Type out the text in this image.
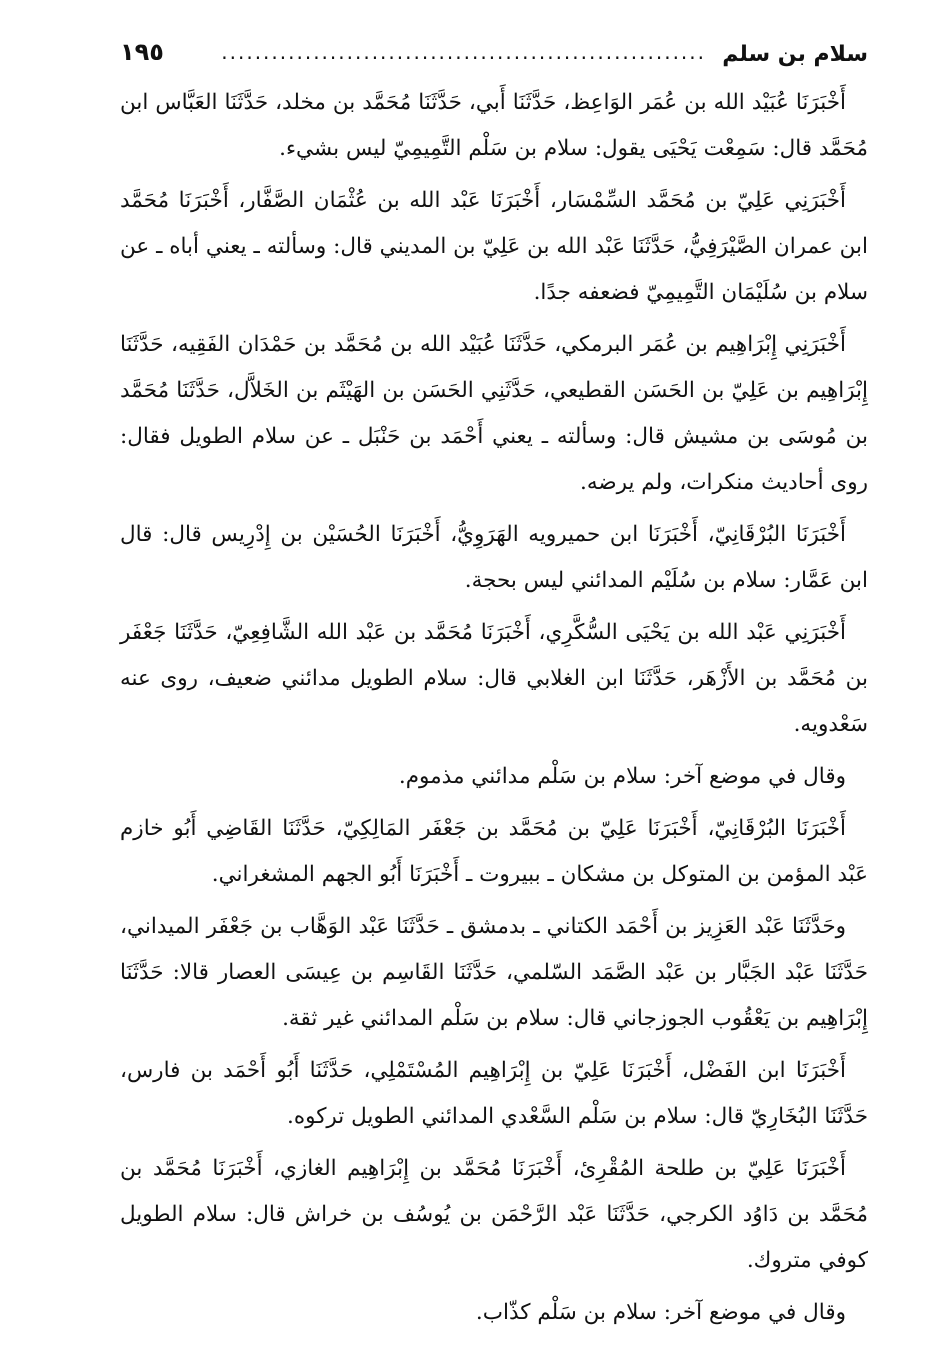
سلام بن سلم
..........................................................
١٩٥

أَخْبَرَنَا عُبَيْد الله بن عُمَر الوَاعِظ، حَدَّثَنَا أَبي، حَدَّثَنَا مُحَمَّد بن مخلد، حَدَّثَنَا العَبَّاس ابن مُحَمَّد قال: سَمِعْت يَحْيَى يقول: سلام بن سَلْم التَّمِيمِيّ ليس بشيء.

أَخْبَرَنِي عَلِيّ بن مُحَمَّد السِّمْسَار، أَخْبَرَنَا عَبْد الله بن عُثْمَان الصَّفَّار، أَخْبَرَنَا مُحَمَّد ابن عمران الصَّيْرَفِيُّ، حَدَّثَنَا عَبْد الله بن عَلِيّ بن المديني قال: وسألته ـ يعني أباه ـ عن سلام بن سُلَيْمَان التَّمِيمِيّ فضعفه جدًا.

أَخْبَرَنِي إِبْرَاهِيم بن عُمَر البرمكي، حَدَّثَنَا عُبَيْد الله بن مُحَمَّد بن حَمْدَان الفَقِيه، حَدَّثَنَا إِبْرَاهِيم بن عَلِيّ بن الحَسَن القطيعي، حَدَّثَنِي الحَسَن بن الهَيْثَم بن الخَلاَّل، حَدَّثَنَا مُحَمَّد بن مُوسَى بن مشيش قال: وسألته ـ يعني أَحْمَد بن حَنْبَل ـ عن سلام الطويل فقال: روى أحاديث منكرات، ولم يرضه.

أَخْبَرَنَا البُرْقَانِيّ، أَخْبَرَنَا ابن حميرويه الهَرَوِيُّ، أَخْبَرَنَا الحُسَيْن بن إِدْرِيس قال: قال ابن عَمَّار: سلام بن سُلَيْم المدائني ليس بحجة.

أَخْبَرَنِي عَبْد الله بن يَحْيَى السُّكَّرِي، أَخْبَرَنَا مُحَمَّد بن عَبْد الله الشَّافِعِيّ، حَدَّثَنَا جَعْفَر بن مُحَمَّد بن الأَزْهَر، حَدَّثَنَا ابن الغلابي قال: سلام الطويل مدائني ضعيف، روى عنه سَعْدويه.

وقال في موضع آخر: سلام بن سَلْم مدائني مذموم.

أَخْبَرَنَا البُرْقَانِيّ، أَخْبَرَنَا عَلِيّ بن مُحَمَّد بن جَعْفَر المَالِكِيّ، حَدَّثَنَا القَاضِي أَبُو خازم عَبْد المؤمن بن المتوكل بن مشكان ـ ببيروت ـ أَخْبَرَنَا أَبُو الجهم المشغراني.

وحَدَّثَنَا عَبْد العَزِيز بن أَحْمَد الكتاني ـ بدمشق ـ حَدَّثَنَا عَبْد الوَهَّاب بن جَعْفَر الميداني، حَدَّثَنَا عَبْد الجَبَّار بن عَبْد الصَّمَد السّلمي، حَدَّثَنَا القَاسِم بن عِيسَى العصار قالا: حَدَّثَنَا إِبْرَاهِيم بن يَعْقُوب الجوزجاني قال: سلام بن سَلْم المدائني غير ثقة.

أَخْبَرَنَا ابن الفَضْل، أَخْبَرَنَا عَلِيّ بن إِبْرَاهِيم المُسْتَمْلِي، حَدَّثَنَا أَبُو أَحْمَد بن فارس، حَدَّثَنَا البُخَارِيّ قال: سلام بن سَلْم السَّعْدي المدائني الطويل تركوه.

أَخْبَرَنَا عَلِيّ بن طلحة المُقْرِئ، أَخْبَرَنَا مُحَمَّد بن إِبْرَاهِيم الغازي، أَخْبَرَنَا مُحَمَّد بن مُحَمَّد بن دَاوُد الكرجي، حَدَّثَنَا عَبْد الرَّحْمَن بن يُوسُف بن خراش قال: سلام الطويل كوفي متروك.

وقال في موضع آخر: سلام بن سَلْم كذّاب.
